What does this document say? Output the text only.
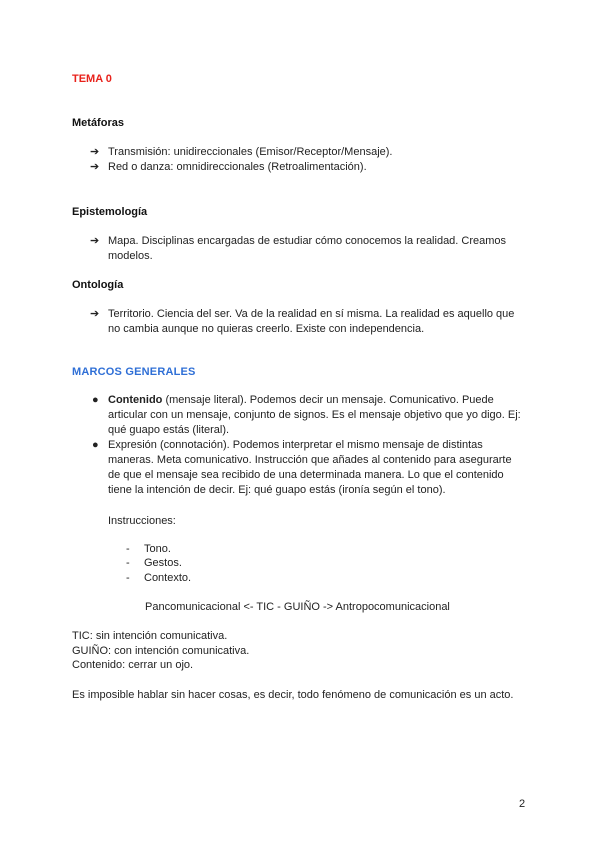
TEMA 0
Metáforas
➔ Transmisión: unidireccionales (Emisor/Receptor/Mensaje).
➔ Red o danza: omnidireccionales (Retroalimentación).
Epistemología
➔ Mapa. Disciplinas encargadas de estudiar cómo conocemos la realidad. Creamos
modelos.
Ontología
➔ Territorio. Ciencia del ser. Va de la realidad en sí misma. La realidad es aquello que
no cambia aunque no quieras creerlo. Existe con independencia.
MARCOS GENERALES
● Contenido (mensaje literal). Podemos decir un mensaje. Comunicativo. Puede
articular con un mensaje, conjunto de signos. Es el mensaje objetivo que yo digo. Ej:
qué guapo estás (literal).
● Expresión (connotación). Podemos interpretar el mismo mensaje de distintas
maneras. Meta comunicativo. Instrucción que añades al contenido para asegurarte
de que el mensaje sea recibido de una determinada manera. Lo que el contenido
tiene la intención de decir. Ej: qué guapo estás (ironía según el tono).
Instrucciones:
- Tono.
- Gestos.
- Contexto.
Pancomunicacional <- TIC - GUIÑO -> Antropocomunicacional
TIC: sin intención comunicativa.
GUIÑO: con intención comunicativa.
Contenido: cerrar un ojo.
Es imposible hablar sin hacer cosas, es decir, todo fenómeno de comunicación es un acto.
2
